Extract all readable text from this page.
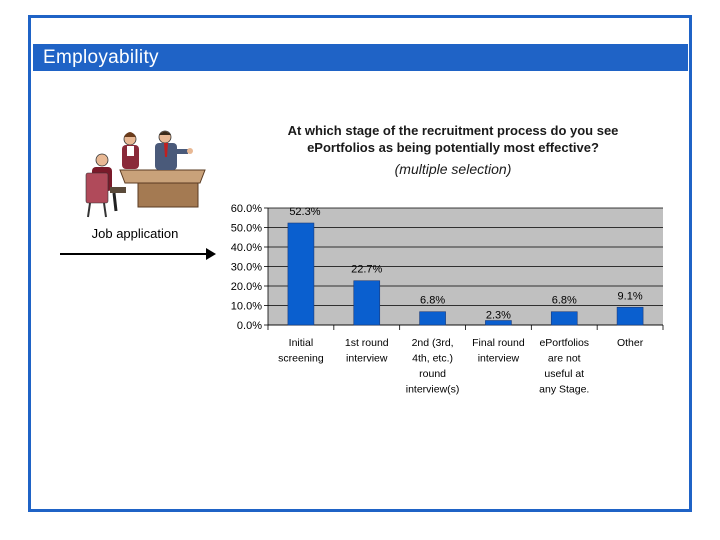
Employability
Job application
At which stage of the recruitment process do you see ePortfolios as being potentially most effective?
(multiple selection)
0.0%
10.0%
20.0%
30.0%
40.0%
50.0%
60.0% 52.3%
Initial
screening
22.7%
1st round
interview
6.8%
2nd (3rd,
4th, etc.)
round
interview(s)
2.3%
Final round
interview
6.8%
ePortfolios
are not
useful at
any Stage.
9.1%
Other
